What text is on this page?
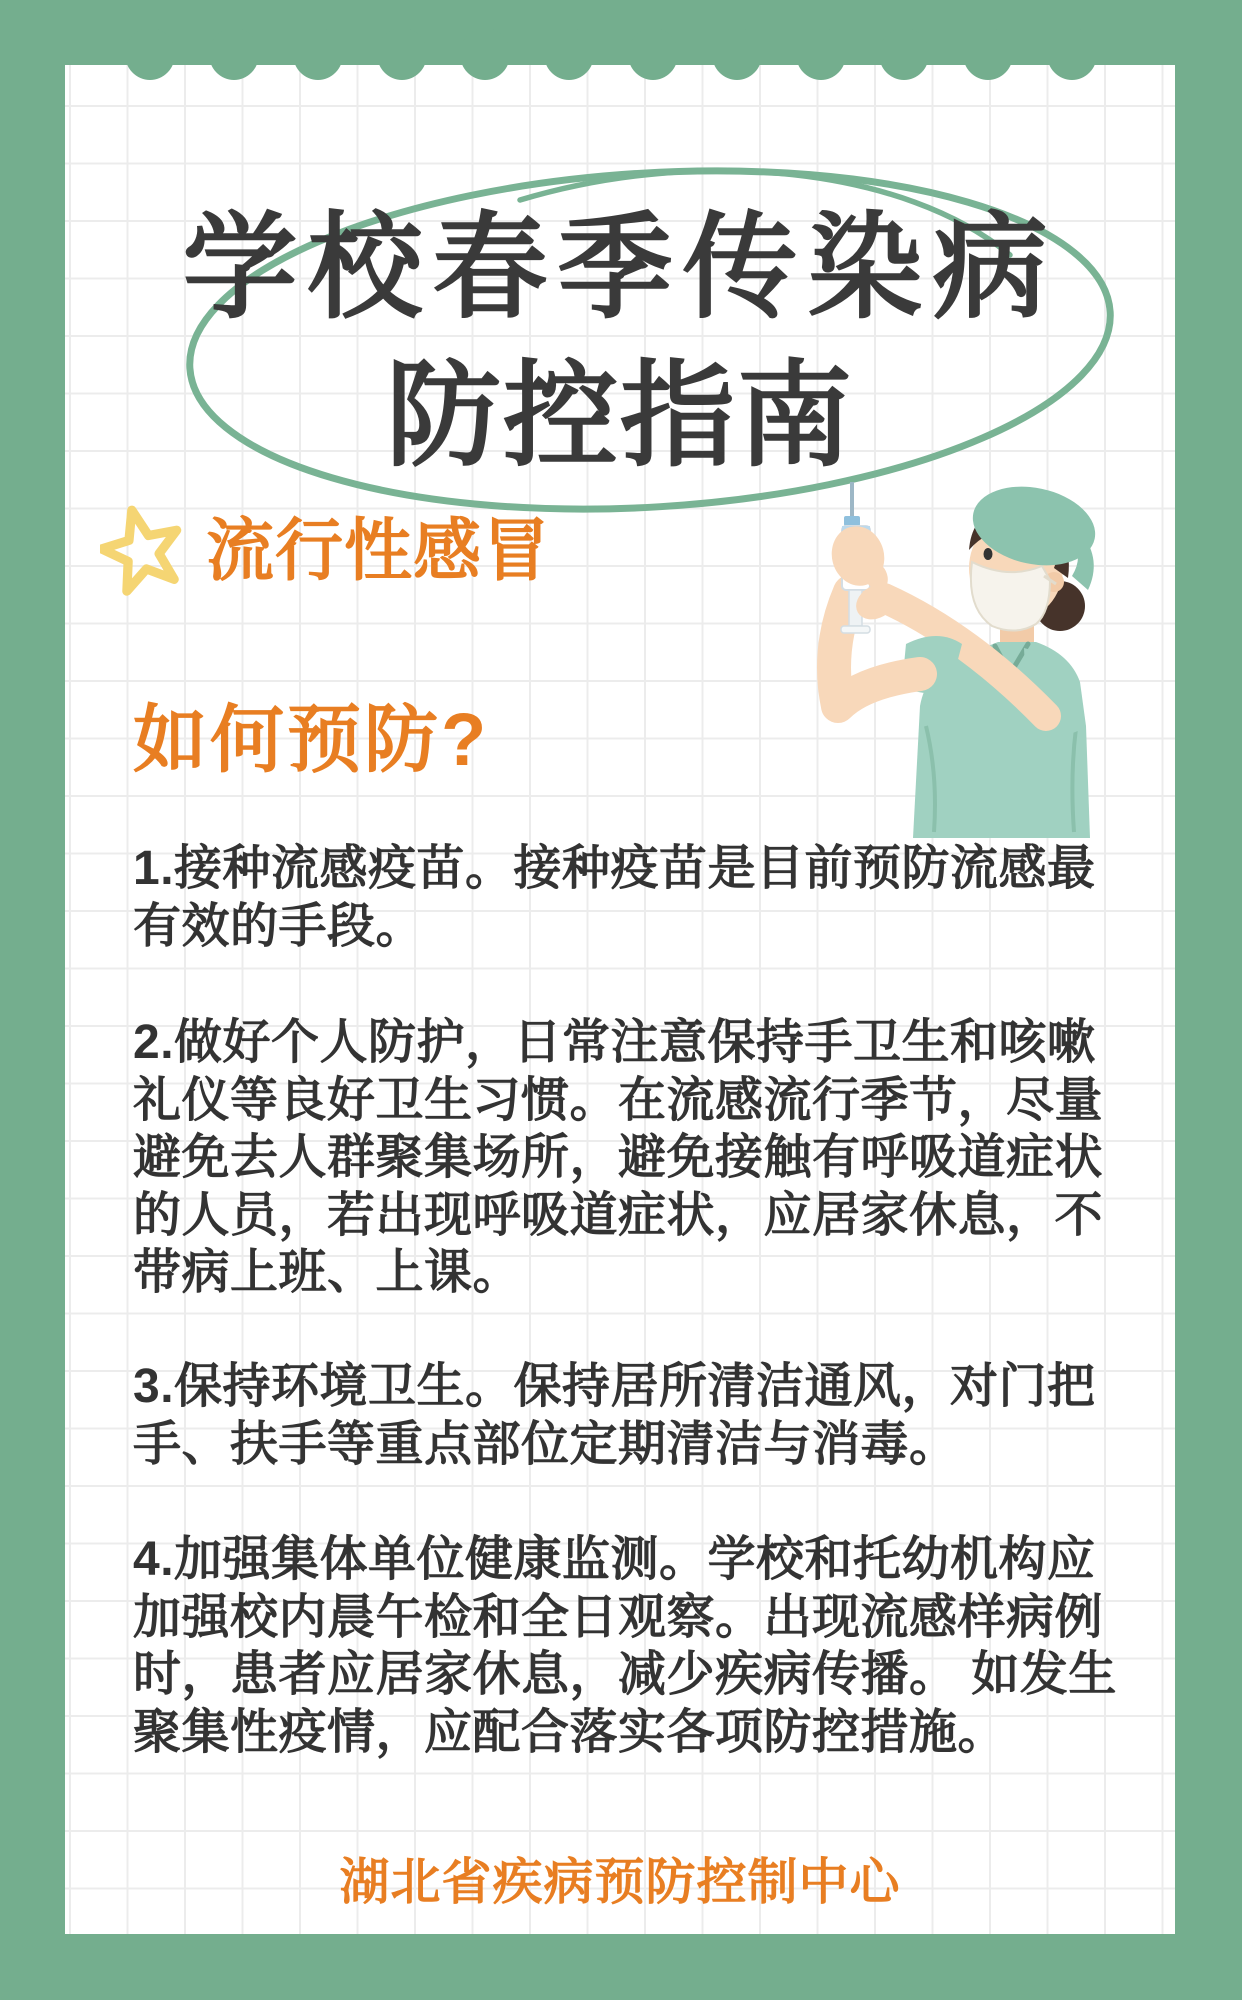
学校春季传染病
防控指南
流行性感冒
如何预防?
1.接种流感疫苗。接种疫苗是目前预防流感最
有效的手段。
2.做好个人防护，日常注意保持手卫生和咳嗽
礼仪等良好卫生习惯。在流感流行季节，尽量
避免去人群聚集场所，避免接触有呼吸道症状
的人员，若出现呼吸道症状，应居家休息，不
带病上班、上课。
3.保持环境卫生。保持居所清洁通风，对门把
手、扶手等重点部位定期清洁与消毒。
4.加强集体单位健康监测。学校和托幼机构应
加强校内晨午检和全日观察。出现流感样病例
时，患者应居家休息，减少疾病传播。 如发生
聚集性疫情，应配合落实各项防控措施。
湖北省疾病预防控制中心
